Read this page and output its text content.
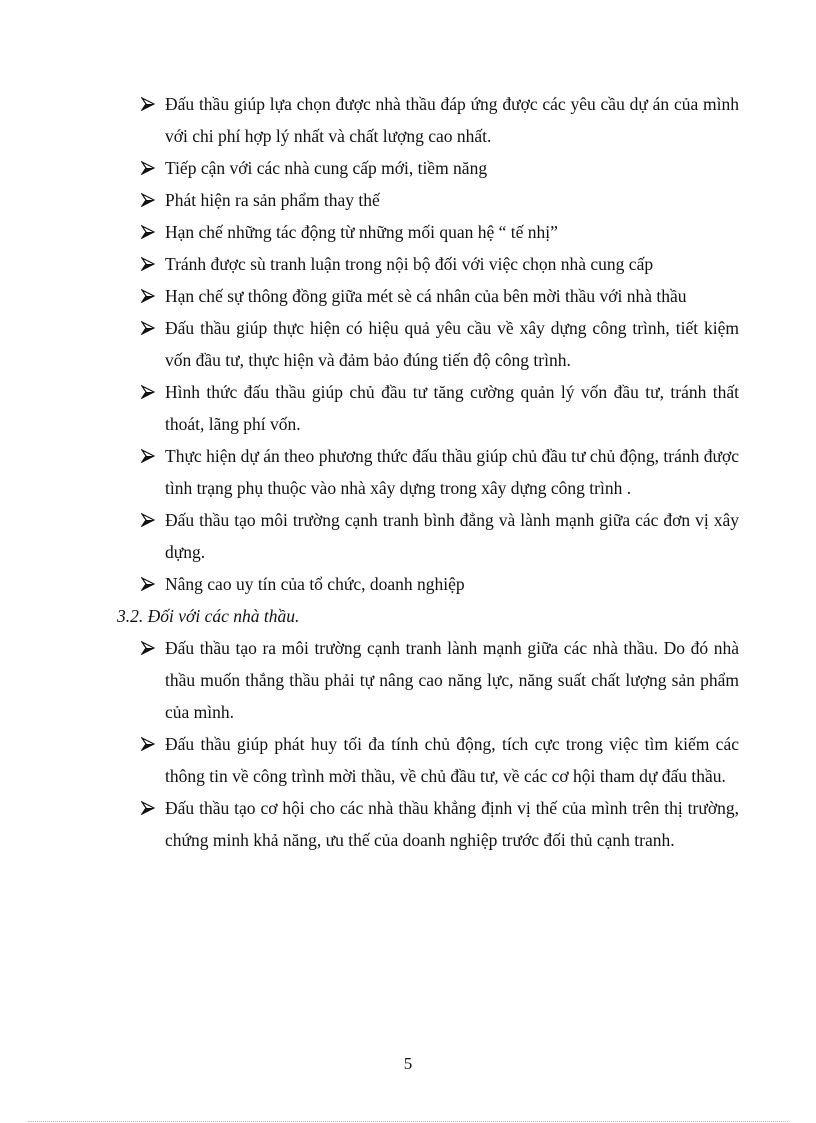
Đấu thầu giúp lựa chọn được nhà thầu đáp ứng được các yêu cầu dự án của mình với chi phí hợp lý nhất và chất lượng cao nhất.
Tiếp cận với các nhà cung cấp mới, tiềm năng
Phát hiện ra sản phẩm thay thế
Hạn chế những tác động từ những mối quan hệ “ tế nhị”
Tránh được sù tranh luận trong nội bộ đối với việc chọn nhà cung cấp
Hạn chế sự thông đồng giữa mét sè cá nhân của bên mời thầu với nhà thầu
Đấu thầu giúp thực hiện có hiệu quả yêu cầu về xây dựng công trình, tiết kiệm vốn đầu tư, thực hiện và đảm bảo đúng tiến độ công trình.
Hình thức đấu thầu giúp chủ đầu tư tăng cường quản lý vốn đầu tư, tránh thất thoát, lãng phí vốn.
Thực hiện dự án theo phương thức đấu thầu giúp chủ đầu tư chủ động, tránh được tình trạng phụ thuộc vào nhà xây dựng trong xây dựng công trình .
Đấu thầu tạo môi trường cạnh tranh bình đẳng và lành mạnh giữa các đơn vị xây dựng.
Nâng cao uy tín của tổ chức, doanh nghiệp

3.2. Đối với các nhà thầu.

Đấu thầu tạo ra môi trường cạnh tranh lành mạnh giữa các nhà thầu. Do đó nhà thầu muốn thắng thầu phải tự nâng cao năng lực, năng suất chất lượng sản phẩm của mình.
Đấu thầu giúp phát huy tối đa tính chủ động, tích cực trong việc tìm kiếm các thông tin về công trình mời thầu, về chủ đầu tư, về các cơ hội tham dự đấu thầu.
Đấu thầu tạo cơ hội cho các nhà thầu khẳng định vị thế của mình trên thị trường, chứng minh khả năng, ưu thế của doanh nghiệp trước đối thủ cạnh tranh.
5
